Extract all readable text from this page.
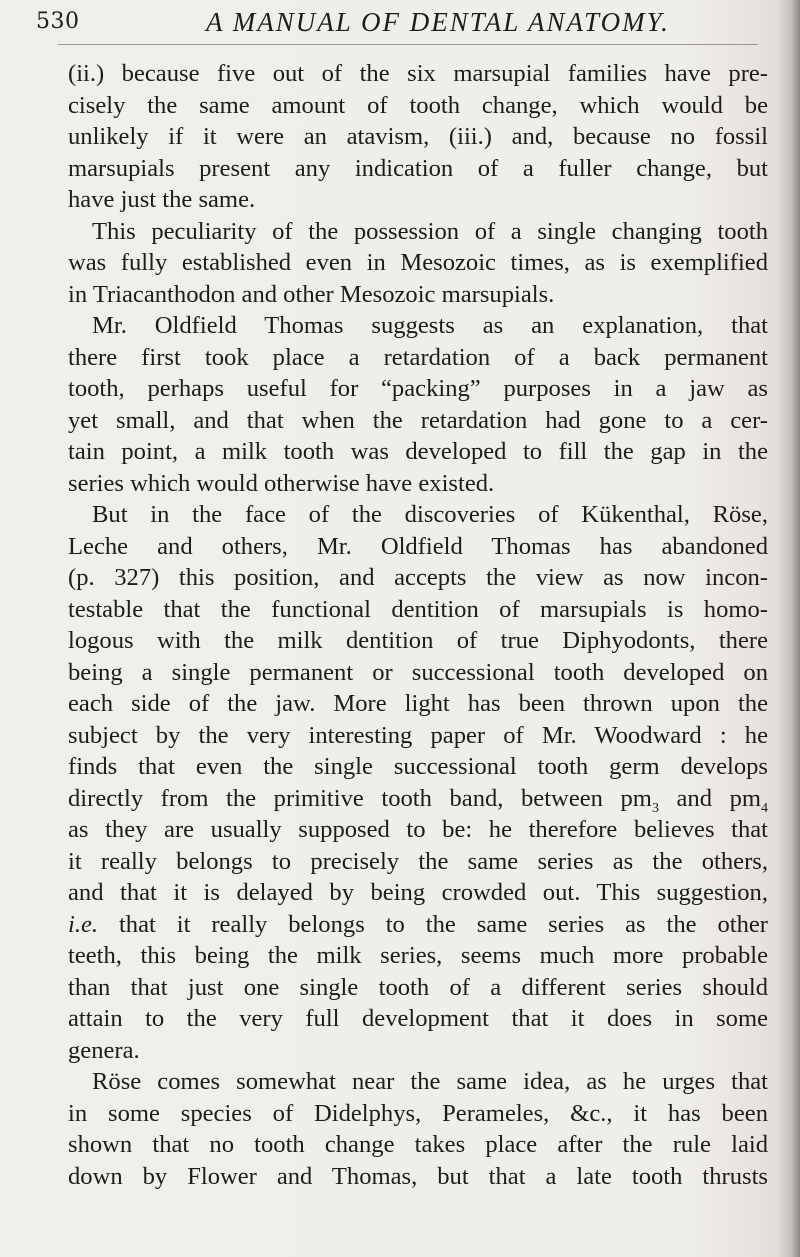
530	A MANUAL OF DENTAL ANATOMY.
(ii.) because five out of the six marsupial families have pre-
cisely the same amount of tooth change, which would be
unlikely if it were an atavism, (iii.) and, because no fossil
marsupials present any indication of a fuller change, but
have just the same.
This peculiarity of the possession of a single changing tooth
was fully established even in Mesozoic times, as is exemplified
in Triacanthodon and other Mesozoic marsupials.
Mr. Oldfield Thomas suggests as an explanation, that
there first took place a retardation of a back permanent
tooth, perhaps useful for “packing” purposes in a jaw as
yet small, and that when the retardation had gone to a cer-
tain point, a milk tooth was developed to fill the gap in the
series which would otherwise have existed.
But in the face of the discoveries of Kükenthal, Röse,
Leche and others, Mr. Oldfield Thomas has abandoned
(p. 327) this position, and accepts the view as now incon-
testable that the functional dentition of marsupials is homo-
logous with the milk dentition of true Diphyodonts, there
being a single permanent or successional tooth developed on
each side of the jaw. More light has been thrown upon the
subject by the very interesting paper of Mr. Woodward : he
finds that even the single successional tooth germ develops
directly from the primitive tooth band, between $pm_3$ and $pm_4$
as they are usually supposed to be: he therefore believes that
it really belongs to precisely the same series as the others,
and that it is delayed by being crowded out. This suggestion,
i.e. that it really belongs to the same series as the other
teeth, this being the milk series, seems much more probable
than that just one single tooth of a different series should
attain to the very full development that it does in some
genera.
Röse comes somewhat near the same idea, as he urges that
in some species of Didelphys, Perameles, &c., it has been
shown that no tooth change takes place after the rule laid
down by Flower and Thomas, but that a late tooth thrusts
